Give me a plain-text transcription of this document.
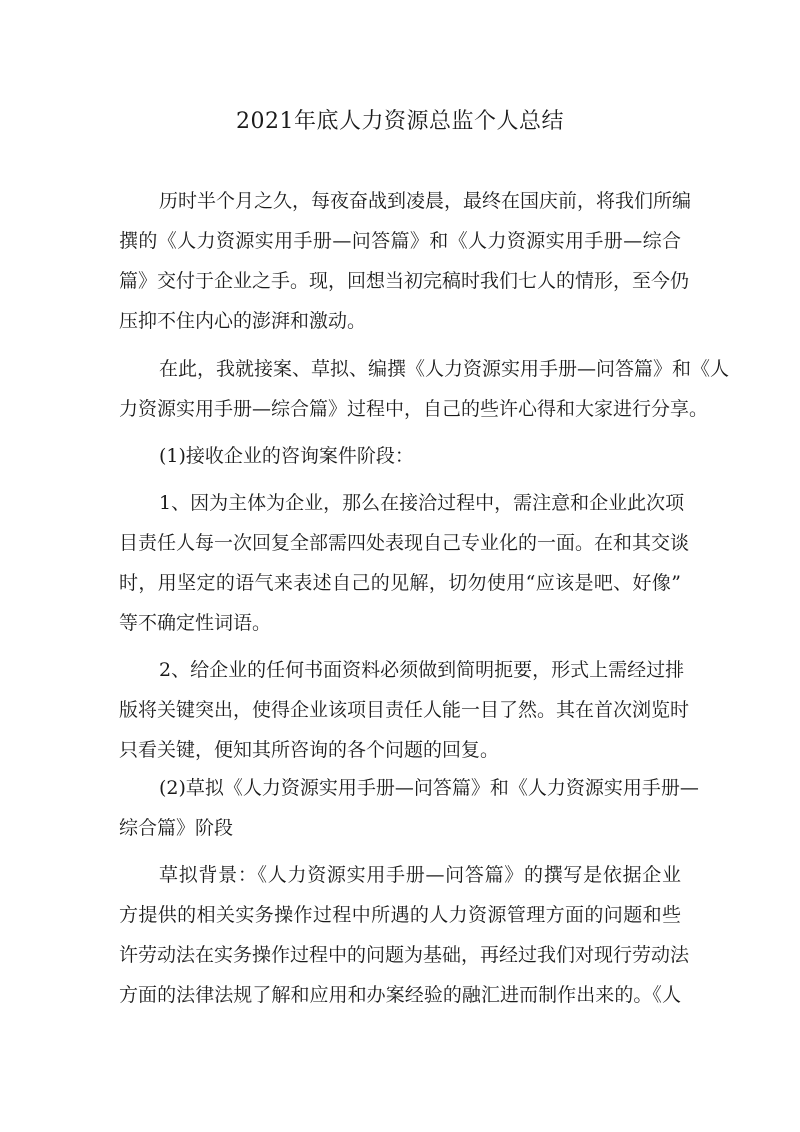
2021年底人力资源总监个人总结
历时半个月之久，每夜奋战到凌晨，最终在国庆前，将我们所编
撰的《人力资源实用手册—问答篇》和《人力资源实用手册—综合
篇》交付于企业之手。现，回想当初完稿时我们七人的情形，至今仍
压抑不住内心的澎湃和激动。
在此，我就接案、草拟、编撰《人力资源实用手册—问答篇》和《人
力资源实用手册—综合篇》过程中，自己的些许心得和大家进行分享。
(1)接收企业的咨询案件阶段：
1、因为主体为企业，那么在接洽过程中，需注意和企业此次项
目责任人每一次回复全部需四处表现自己专业化的一面。在和其交谈
时，用坚定的语气来表述自己的见解，切勿使用“应该是吧、好像”
等不确定性词语。
2、给企业的任何书面资料必须做到简明扼要，形式上需经过排
版将关键突出，使得企业该项目责任人能一目了然。其在首次浏览时
只看关键，便知其所咨询的各个问题的回复。
(2)草拟《人力资源实用手册—问答篇》和《人力资源实用手册—
综合篇》阶段
草拟背景：《人力资源实用手册—问答篇》的撰写是依据企业
方提供的相关实务操作过程中所遇的人力资源管理方面的问题和些
许劳动法在实务操作过程中的问题为基础，再经过我们对现行劳动法
方面的法律法规了解和应用和办案经验的融汇进而制作出来的。《人
